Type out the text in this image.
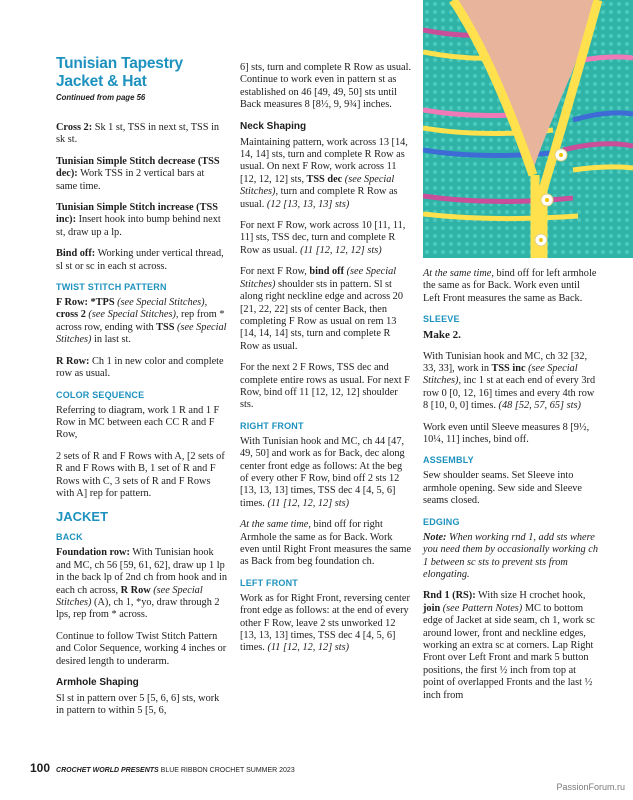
Tunisian Tapestry
Jacket & Hat
Continued from page 56

Cross 2: Sk 1 st, TSS in next st, TSS in sk st.

Tunisian Simple Stitch decrease (TSS dec): Work TSS in 2 vertical bars at same time.

Tunisian Simple Stitch increase (TSS inc): Insert hook into bump behind next st, draw up a lp.

Bind off: Working under vertical thread, sl st or sc in each st across.

TWIST STITCH PATTERN

F Row: *TPS (see Special Stitches), cross 2 (see Special Stitches), rep from * across row, ending with TSS (see Special Stitches) in last st.

R Row: Ch 1 in new color and complete row as usual.

COLOR SEQUENCE

Referring to diagram, work 1 R and 1 F Row in MC between each CC R and F Row,

2 sets of R and F Rows with A, [2 sets of R and F Rows with B, 1 set of R and F Rows with C, 3 sets of R and F Rows with A] rep for pattern.

JACKET
BACK

Foundation row: With Tunisian hook and MC, ch 56 [59, 61, 62], draw up 1 lp in the back lp of 2nd ch from hook and in each ch across, R Row (see Special Stitches) (A), ch 1, *yo, draw through 2 lps, rep from * across.

Continue to follow Twist Stitch Pattern and Color Sequence, working 4 inches or desired length to underarm.

Armhole Shaping

Sl st in pattern over 5 [5, 6, 6] sts, work in pattern to within 5 [5, 6,

6] sts, turn and complete R Row as usual. Continue to work even in pattern st as established on 46 [49, 49, 50] sts until Back measures 8 [8½, 9, 9¾] inches.

Neck Shaping

Maintaining pattern, work across 13 [14, 14, 14] sts, turn and complete R Row as usual. On next F Row, work across 11 [12, 12, 12] sts, TSS dec (see Special Stitches), turn and complete R Row as usual. (12 [13, 13, 13] sts)

For next F Row, work across 10 [11, 11, 11] sts, TSS dec, turn and complete R Row as usual. (11 [12, 12, 12] sts)

For next F Row, bind off (see Special Stitches) shoulder sts in pattern. Sl st along right neckline edge and across 20 [21, 22, 22] sts of center Back, then completing F Row as usual on rem 13 [14, 14, 14] sts, turn and complete R Row as usual.

For the next 2 F Rows, TSS dec and complete entire rows as usual. For next F Row, bind off 11 [12, 12, 12] shoulder sts.

RIGHT FRONT

With Tunisian hook and MC, ch 44 [47, 49, 50] and work as for Back, dec along center front edge as follows: At the beg of every other F Row, bind off 2 sts 12 [13, 13, 13] times, TSS dec 4 [4, 5, 6] times. (11 [12, 12, 12] sts)

At the same time, bind off for right Armhole the same as for Back. Work even until Right Front measures the same as Back from beg foundation ch.

LEFT FRONT

Work as for Right Front, reversing center front edge as follows: at the end of every other F Row, leave 2 sts unworked 12 [13, 13, 13] times, TSS dec 4 [4, 5, 6] times. (11 [12, 12, 12] sts)

At the same time, bind off for left armhole the same as for Back. Work even until Left Front measures the same as Back.

SLEEVE

Make 2.

With Tunisian hook and MC, ch 32 [32, 33, 33], work in TSS inc (see Special Stitches), inc 1 st at each end of every 3rd row 0 [0, 12, 16] times and every 4th row 8 [10, 0, 0] times. (48 [52, 57, 65] sts)

Work even until Sleeve measures 8 [9½, 10¼, 11] inches, bind off.

ASSEMBLY

Sew shoulder seams. Set Sleeve into armhole opening. Sew side and Sleeve seams closed.

EDGING

Note: When working rnd 1, add sts where you need them by occasionally working ch 1 between sc sts to prevent sts from elongating.

Rnd 1 (RS): With size H crochet hook, join (see Pattern Notes) MC to bottom edge of Jacket at side seam, ch 1, work sc around lower, front and neckline edges, working an extra sc at corners. Lap Right Front over Left Front and mark 5 button positions, the first ½ inch from top at point of overlapped Fronts and the last ½ inch from

100 CROCHET WORLD PRESENTS BLUE RIBBON CROCHET SUMMER 2023
PassionForum.ru
